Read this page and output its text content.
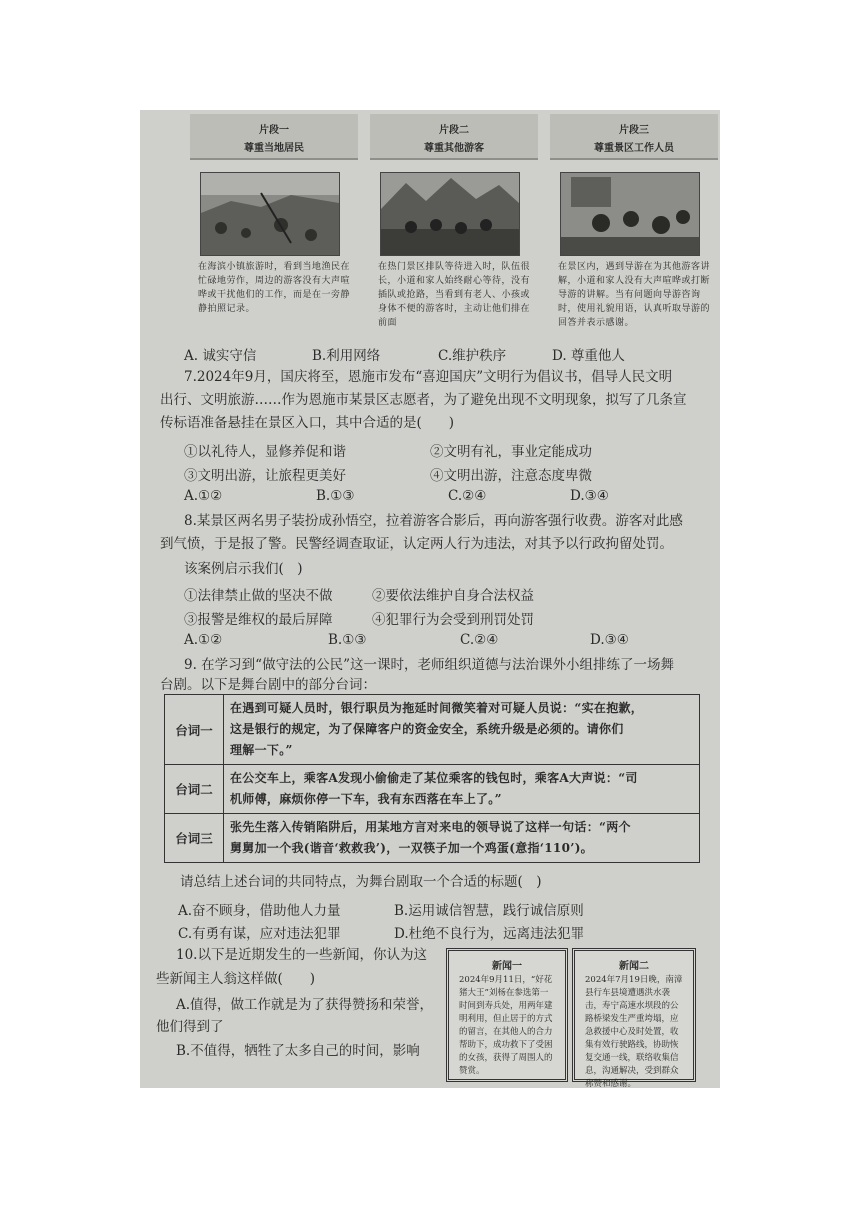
片段一
尊重当地居民
在海滨小镇旅游时，看到当地渔民在忙碌地劳作，周边的游客没有大声喧哗或干扰他们的工作，而是在一旁静静拍照记录。
片段二
尊重其他游客
在热门景区排队等待进入时，队伍很长，小道和家人始终耐心等待，没有插队或抢路，当看到有老人、小孩或身体不便的游客时，主动让他们排在前面
片段三
尊重景区工作人员
在景区内，遇到导游在为其他游客讲解，小道和家人没有大声喧哗或打断导游的讲解。当有问题向导游咨询时，使用礼貌用语，认真听取导游的回答并表示感谢。
A. 诚实守信	B.利用网络	C.维护秩序	D. 尊重他人
7.2024年9月，国庆将至，恩施市发布“喜迎国庆”文明行为倡议书，倡导人民文明
出行、文明旅游……作为恩施市某景区志愿者，为了避免出现不文明现象，拟写了几条宣
传标语准备悬挂在景区入口，其中合适的是(　　)
①以礼待人，显修养促和谐	②文明有礼，事业定能成功
③文明出游，让旅程更美好	④文明出游，注意态度卑微
A.①②	B.①③	C.②④	D.③④
8.某景区两名男子装扮成孙悟空，拉着游客合影后，再向游客强行收费。游客对此感
到气愤，于是报了警。民警经调查取证，认定两人行为违法，对其予以行政拘留处罚。
该案例启示我们(　)
①法律禁止做的坚决不做	②要依法维护自身合法权益
③报警是维权的最后屏障	④犯罪行为会受到刑罚处罚
A.①②	B.①③	C.②④	D.③④
9. 在学习到“做守法的公民”这一课时，老师组织道德与法治课外小组排练了一场舞
台剧。以下是舞台剧中的部分台词：
台词一	在遇到可疑人员时，银行职员为拖延时间微笑着对可疑人员说：“实在抱歉，
这是银行的规定，为了保障客户的资金安全，系统升级是必须的。请你们
理解一下。”

台词二	在公交车上，乘客A发现小偷偷走了某位乘客的钱包时，乘客A大声说：“司
机师傅，麻烦你停一下车，我有东西落在车上了。”

台词三	张先生落入传销陷阱后，用某地方言对来电的领导说了这样一句话：“两个
舅舅加一个我(谐音‘救救我’)，一双筷子加一个鸡蛋(意指‘110’)。
请总结上述台词的共同特点，为舞台剧取一个合适的标题(　)
A.奋不顾身，借助他人力量	B.运用诚信智慧，践行诚信原则
C.有勇有谋，应对违法犯罪	D.杜绝不良行为，远离违法犯罪
10.以下是近期发生的一些新闻，你认为这
些新闻主人翁这样做(　　)
A.值得，做工作就是为了获得赞扬和荣誉，
他们得到了
B.不值得，牺牲了太多自己的时间，影响
新闻一
2024年9月11日，“好花猪大王”刘杨在参选第一时间到寿兵处，用两年建明利用，但止居于的方式的留言，在其他人的合力帮助下，成功救下了受困的女孩，获得了周围人的赞赏。
新闻二
2024年7月19日晚，南漳县行车县境遭遇洪水袭击，寿宁高速水坝段的公路桥梁发生严重垮塌，应急救援中心及时处置，收集有效行驶路线，协助恢复交通一线，联络收集信息，沟通解决，受到群众称赞和感谢。
